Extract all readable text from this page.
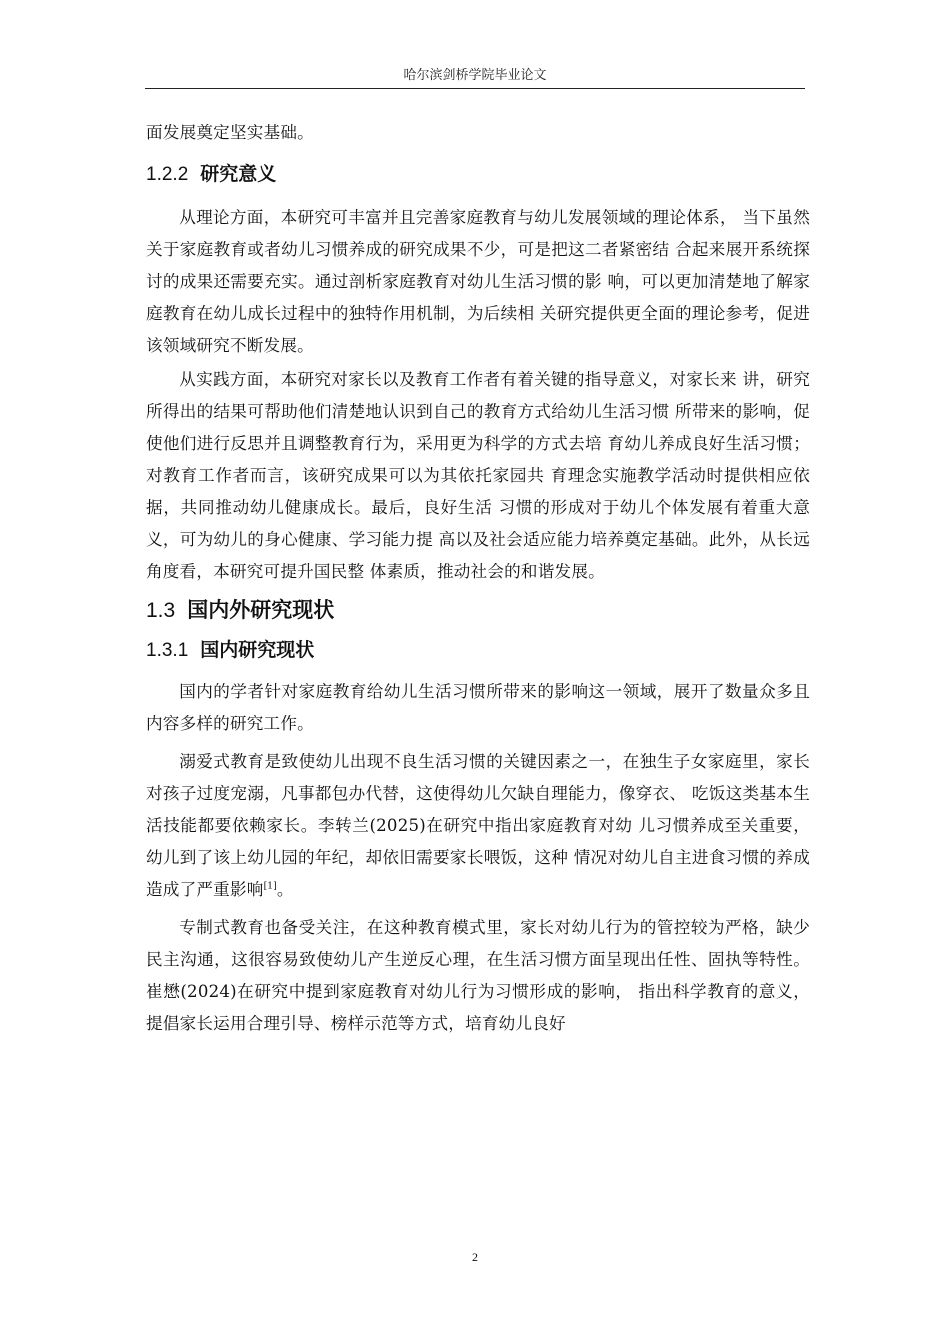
哈尔滨剑桥学院毕业论文

面发展奠定坚实基础。

1.2.2 研究意义

从理论方面，本研究可丰富并且完善家庭教育与幼儿发展领域的理论体系， 当下虽然关于家庭教育或者幼儿习惯养成的研究成果不少，可是把这二者紧密结 合起来展开系统探讨的成果还需要充实。通过剖析家庭教育对幼儿生活习惯的影 响，可以更加清楚地了解家庭教育在幼儿成长过程中的独特作用机制，为后续相 关研究提供更全面的理论参考，促进该领域研究不断发展。

从实践方面，本研究对家长以及教育工作者有着关键的指导意义，对家长来 讲，研究所得出的结果可帮助他们清楚地认识到自己的教育方式给幼儿生活习惯 所带来的影响，促使他们进行反思并且调整教育行为，采用更为科学的方式去培 育幼儿养成良好生活习惯；对教育工作者而言，该研究成果可以为其依托家园共 育理念实施教学活动时提供相应依据，共同推动幼儿健康成长。最后，良好生活 习惯的形成对于幼儿个体发展有着重大意义，可为幼儿的身心健康、学习能力提 高以及社会适应能力培养奠定基础。此外，从长远角度看，本研究可提升国民整 体素质，推动社会的和谐发展。

1.3 国内外研究现状
1.3.1 国内研究现状

国内的学者针对家庭教育给幼儿生活习惯所带来的影响这一领域，展开了数量众多且内容多样的研究工作。

溺爱式教育是致使幼儿出现不良生活习惯的关键因素之一，在独生子女家庭里，家长对孩子过度宠溺，凡事都包办代替，这使得幼儿欠缺自理能力，像穿衣、 吃饭这类基本生活技能都要依赖家长。李转兰(2025)在研究中指出家庭教育对幼 儿习惯养成至关重要，幼儿到了该上幼儿园的年纪，却依旧需要家长喂饭，这种 情况对幼儿自主进食习惯的养成造成了严重影响[1]。

专制式教育也备受关注，在这种教育模式里，家长对幼儿行为的管控较为严格，缺少民主沟通，这很容易致使幼儿产生逆反心理，在生活习惯方面呈现出任性、固执等特性。崔懋(2024)在研究中提到家庭教育对幼儿行为习惯形成的影响， 指出科学教育的意义，提倡家长运用合理引导、榜样示范等方式，培育幼儿良好

2
